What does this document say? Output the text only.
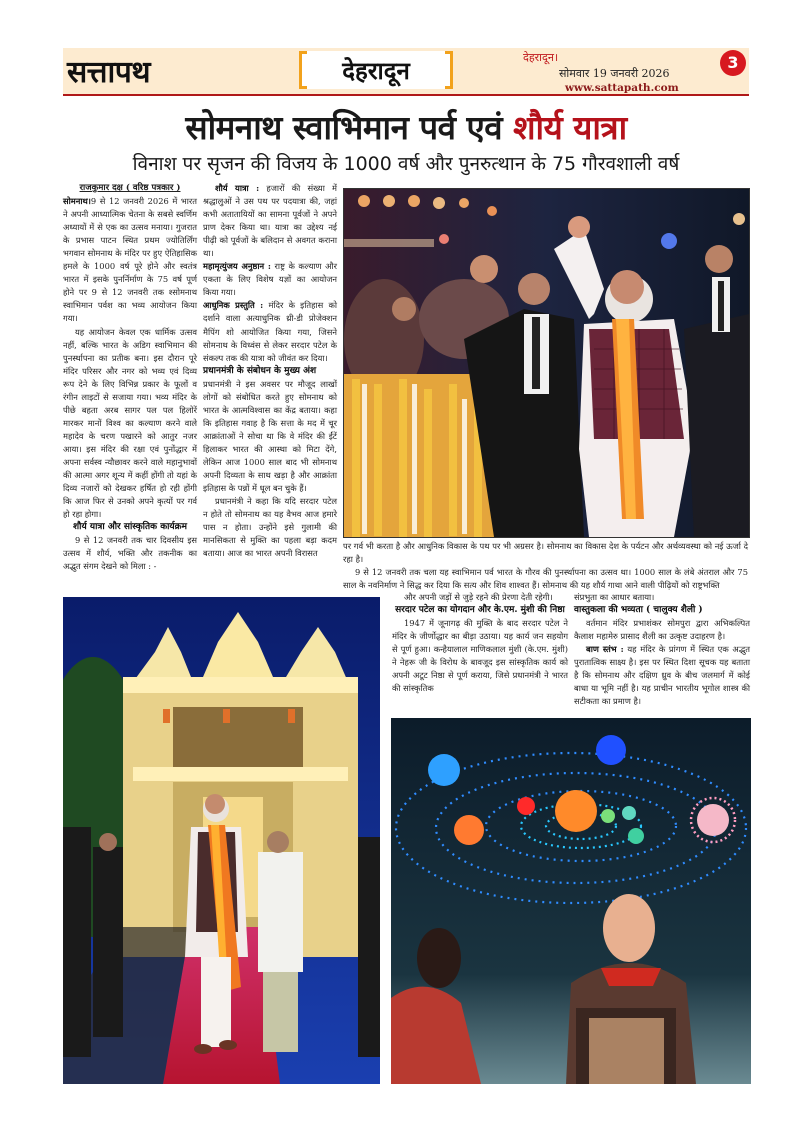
सत्तापथ	देहरादून	देहरादून।
सोमवार 19 जनवरी 2026
www.sattapath.com
3
सोमनाथ स्वाभिमान पर्व एवं शौर्य यात्रा
विनाश पर सृजन की विजय के 1000 वर्ष और पुनरुत्थान के 75 गौरवशाली वर्ष

राजकुमार दक्ष ( वरिष्ठ पत्रकार )

सोमनाथ।9 से 12 जनवरी 2026 में भारत ने अपनी आध्यात्मिक चेतना के सबसे स्वर्णिम अध्यायों में से एक का उत्सव मनाया। गुजरात के प्रभास पाटन स्थित प्रथम ज्योतिर्लिंग भगवान सोमनाथ के मंदिर पर हुए ऐतिहासिक हमले के 1000 वर्ष पूरे होने और स्वतंत्र भारत में इसके पुनर्निर्माण के 75 वर्ष पूर्ण होने पर 9 से 12 जनवरी तक श्सोमनाथ स्वाभिमान पर्वश का भव्य आयोजन किया गया।

यह आयोजन केवल एक धार्मिक उत्सव नहीं, बल्कि भारत के अडिग स्वाभिमान की पुनर्स्थापना का प्रतीक बना। इस दौरान पूरे मंदिर परिसर और नगर को भव्य एवं दिव्य रूप देने के लिए विभिन्न प्रकार के फूलों व रंगीन लाइटों से सजाया गया। भव्य मंदिर के पीछे बहता अरब सागर पल पल हिलोरें मारकर मानों विश्व का कल्याण करने वाले महादेव के चरण पखारने को आतुर नजर आया। इस मंदिर की रक्षा एवं पुनोंद्धार में अपना सर्वस्व न्यौछावर करने वाले महानुभावों की आत्मा अगर शून्य में कहीं होंगी तो यहां के दिव्य नजारों को देखकर हर्षित हो रही होंगी कि आज फिर से उनको अपने कृत्यों पर गर्व हो रहा होगा।

शौर्य यात्रा और सांस्कृतिक कार्यक्रम

9 से 12 जनवरी तक चार दिवसीय इस उत्सव में शौर्य, भक्ति और तकनीक का अद्भुत संगम देखने को मिला : -

शौर्य यात्रा : हजारों की संख्या में श्रद्धालुओं ने उस पथ पर पदयात्रा की, जहां कभी अतातायियों का सामना पूर्वजों ने अपने प्राण देकर किया था। यात्रा का उद्देश्य नई पीढ़ी को पूर्वजों के बलिदान से अवगत कराना था।

महामृत्युंजय अनुष्ठान : राष्ट्र के कल्याण और एकता के लिए विशेष यज्ञों का आयोजन किया गया।

आधुनिक प्रस्तुति : मंदिर के इतिहास को दर्शाने वाला अत्याधुनिक थ्री-डी प्रोजेक्शन मैपिंग शो आयोजित किया गया, जिसने सोमनाथ के विध्वंस से लेकर सरदार पटेल के संकल्प तक की यात्रा को जीवंत कर दिया।

प्रधानमंत्री के संबोधन के मुख्य अंश

प्रधानमंत्री ने इस अवसर पर मौजूद लाखों लोगों को संबोधित करते हुए सोमनाथ को भारत के आत्मविश्वास का केंद्र बताया। कहा कि इतिहास गवाह है कि सत्ता के मद में चूर आक्रांताओं ने सोचा था कि वे मंदिर की ईंटें हिलाकर भारत की आस्था को मिटा देंगे, लेकिन आज 1000 साल बाद भी सोमनाथ अपनी दिव्यता के साथ खड़ा है और आक्रांता इतिहास के पन्नों में धूल बन चुके हैं।

प्रधानमंत्री ने कहा कि यदि सरदार पटेल न होते तो सोमनाथ का यह वैभव आज हमारे पास न होता। उन्होंने इसे गुलामी की मानसिकता से मुक्ति का पहला बड़ा कदम बताया। आज का भारत अपनी विरासत

पर गर्व भी करता है और आधुनिक विकास के पथ पर भी अग्रसर है। सोमनाथ का विकास देश के पर्यटन और अर्थव्यवस्था को नई ऊर्जा दे रहा है।

9 से 12 जनवरी तक चला यह स्वाभिमान पर्व भारत के गौरव की पुनर्स्थापना का उत्सव था। 1000 साल के लंबे अंतराल और 75 साल के नवनिर्माण ने सिद्ध कर दिया कि सत्य और शिव शाश्वत हैं। सोमनाथ की यह शौर्य गाथा आने वाली पीढ़ियों को राष्ट्रभक्ति

और अपनी जड़ों से जुड़े रहने की प्रेरणा देती रहेगी।

सरदार पटेल का योगदान और के.एम. मुंशी की निष्ठा

1947 में जूनागढ़ की मुक्ति के बाद सरदार पटेल ने मंदिर के जीर्णोद्धार का बीड़ा उठाया। यह कार्य जन सहयोग से पूर्ण हुआ। कन्हैयालाल माणिकलाल मुंशी (के.एम. मुंशी) ने नेहरू जी के विरोध के बावजूद इस सांस्कृतिक कार्य को अपनी अटूट निष्ठा से पूर्ण कराया, जिसे प्रधानमंत्री ने भारत की सांस्कृतिक

संप्रभुता का आधार बताया।

वास्तुकला की भव्यता ( चालुक्य शैली )

वर्तमान मंदिर प्रभाशंकर सोमपुरा द्वारा अभिकल्पित कैलाश महामेरु प्रासाद शैली का उत्कृष्ट उदाहरण है।

बाण स्तंभ : यह मंदिर के प्रांगण में स्थित एक अद्भुत पुरातात्विक साक्ष्य है। इस पर स्थित दिशा सूचक यह बताता है कि सोमनाथ और दक्षिण ध्रुव के बीच जलमार्ग में कोई बाधा या भूमि नहीं है। यह प्राचीन भारतीय भूगोल शास्त्र की सटीकता का प्रमाण है।
